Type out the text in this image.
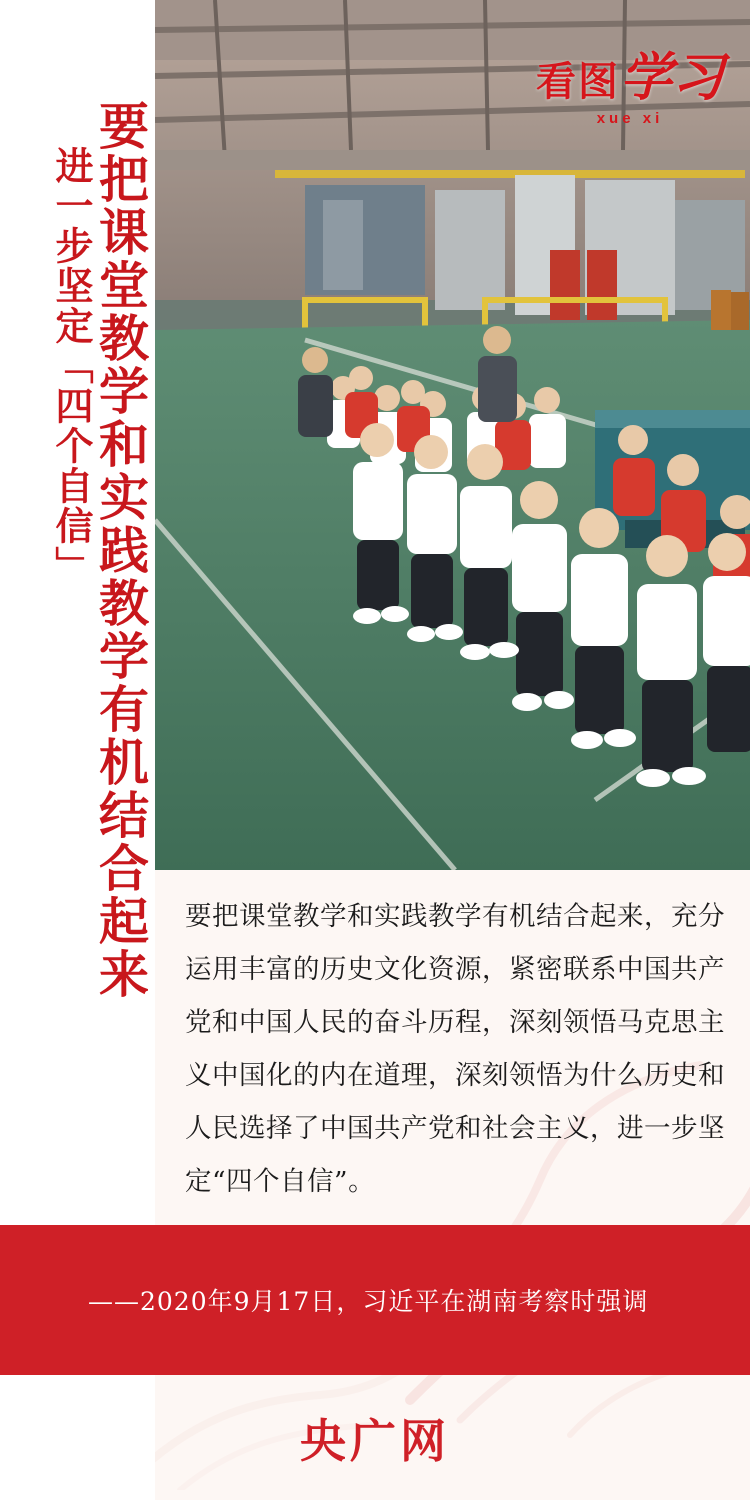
要把课堂教学和实践教学有机结合起来
进一步坚定「四个自信」
看图学习
xue xi
要把课堂教学和实践教学有机结合起来，充分运用丰富的历史文化资源，紧密联系中国共产党和中国人民的奋斗历程，深刻领悟马克思主义中国化的内在道理，深刻领悟为什么历史和人民选择了中国共产党和社会主义，进一步坚定“四个自信”。
——2020年9月17日，习近平在湖南考察时强调
央广网
